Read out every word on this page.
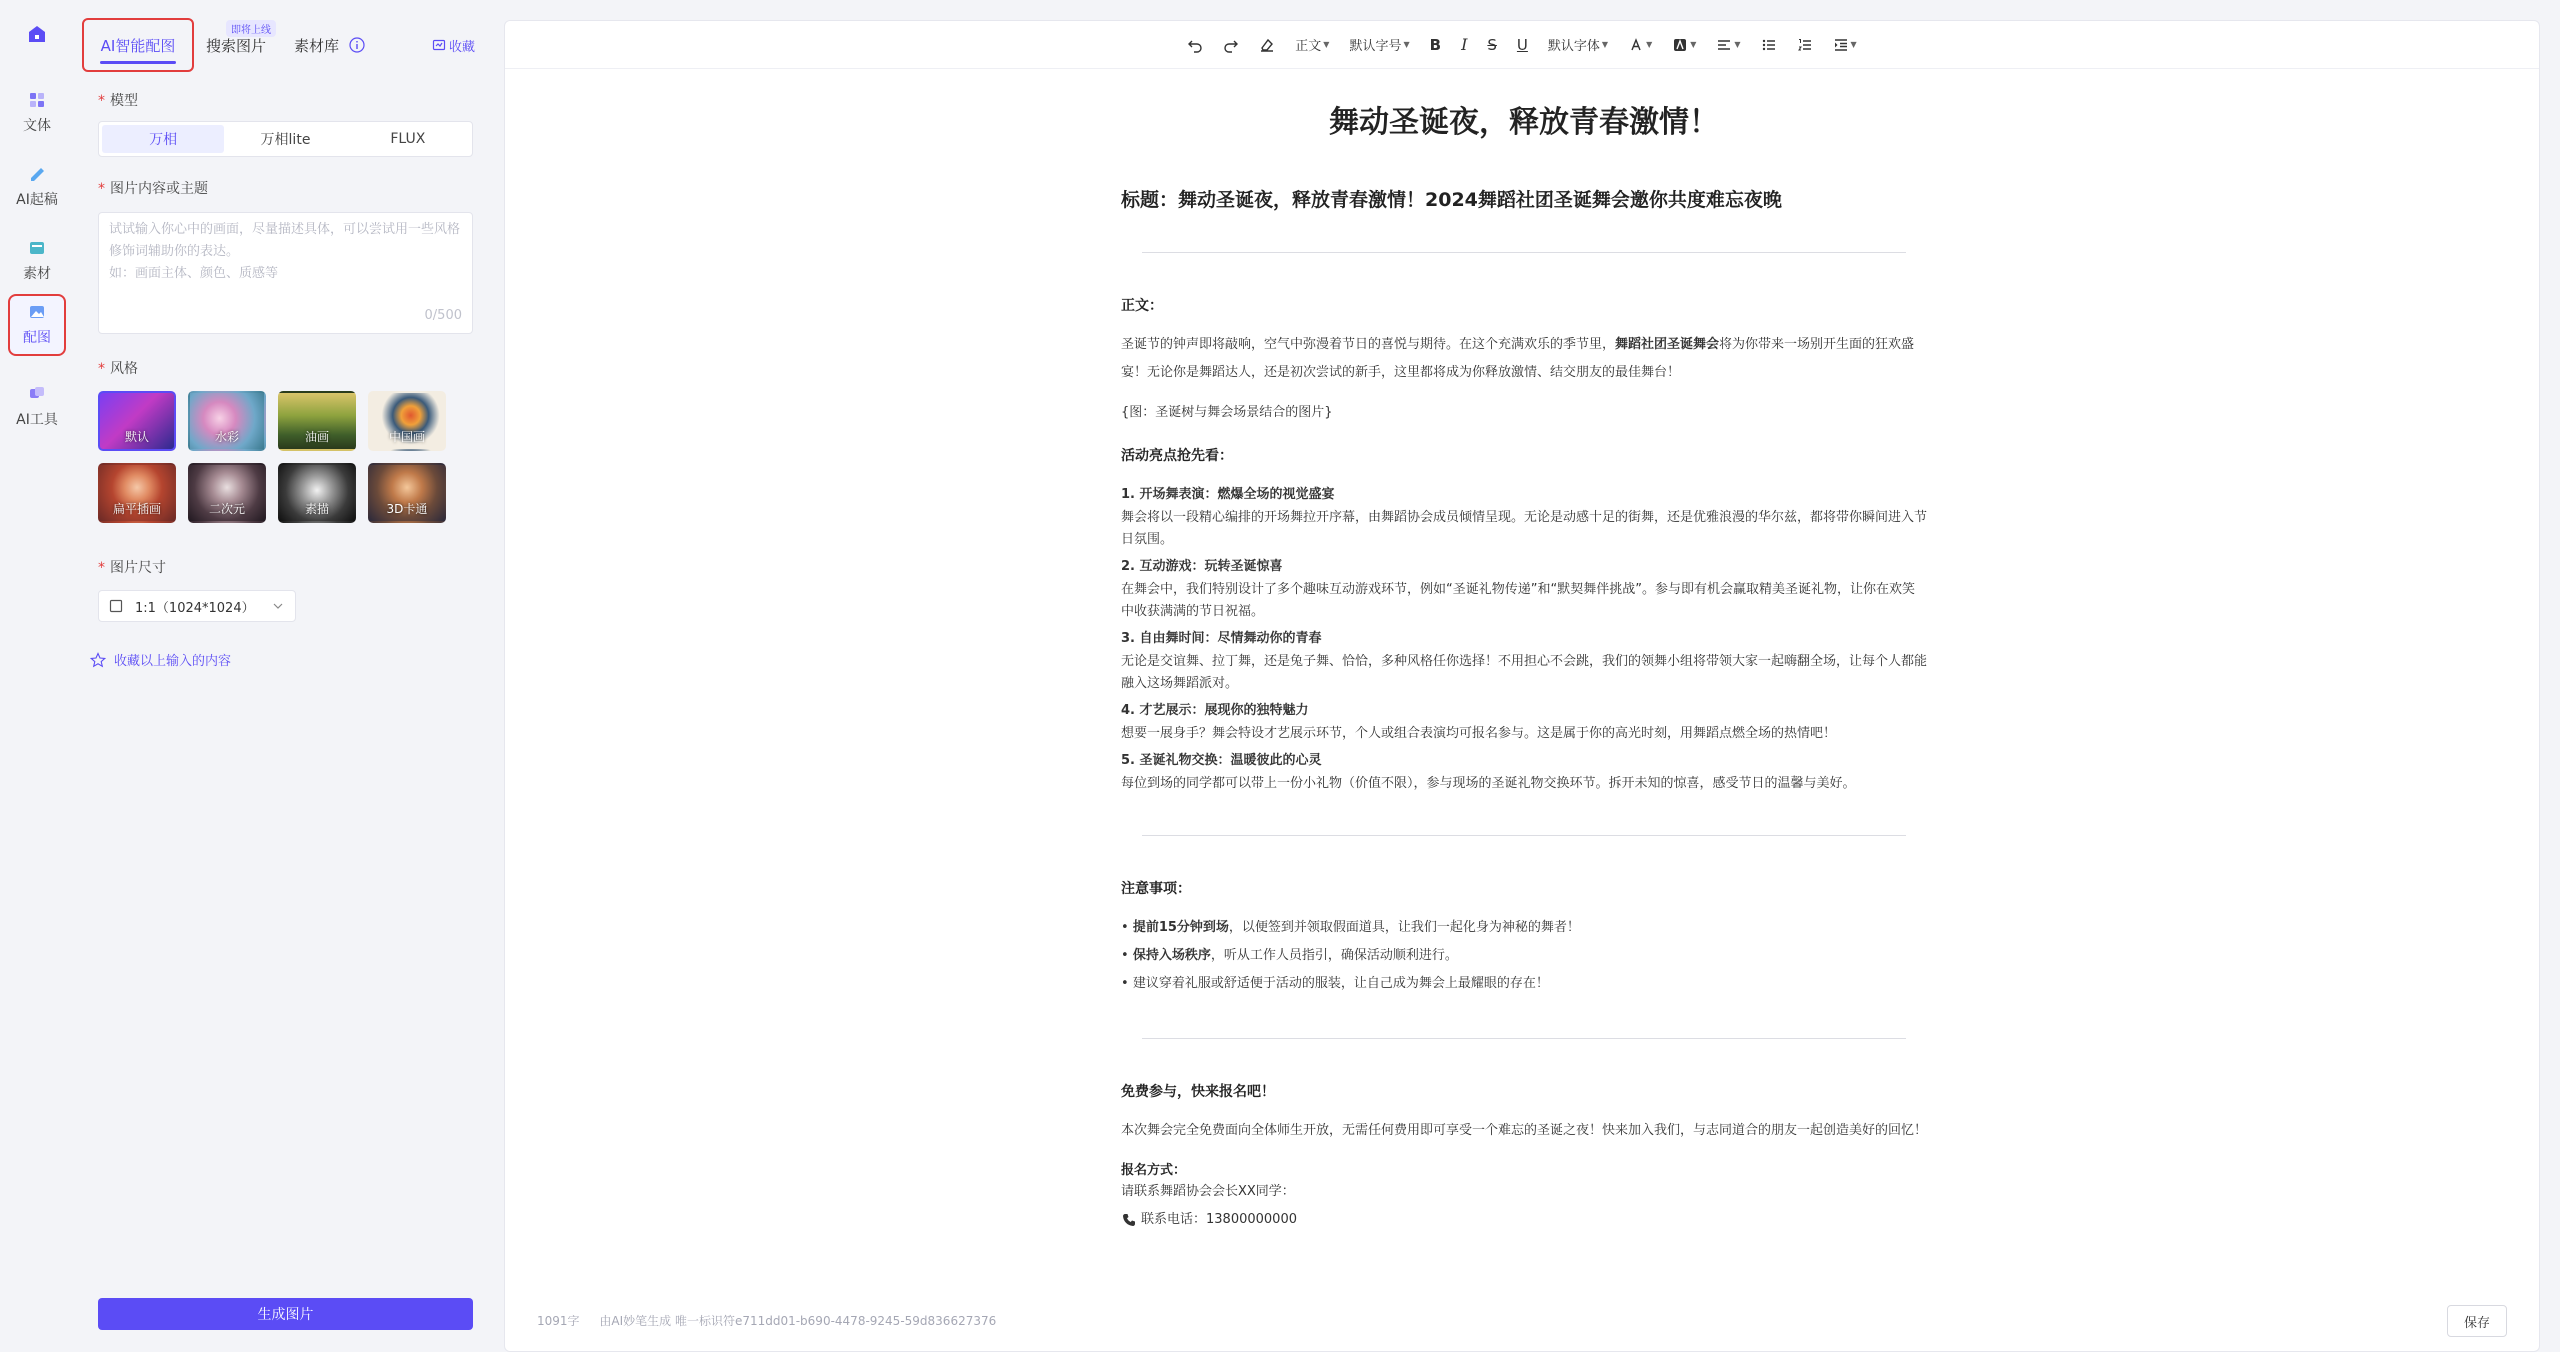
文体
AI起稿
素材
配图
AI工具
AI智能配图	搜索图片
即将上线
素材库	收藏
* 模型
万相	万相lite	FLUX
* 图片内容或主题
试试输入你心中的画面，尽量描述具体，可以尝试用一些风格修饰词辅助你的表达。 如：画面主体、颜色、质感等
0/500
* 风格
默认	水彩	油画	中国画
扁平插画	二次元	素描	3D卡通
* 图片尺寸
1:1（1024*1024）
收藏以上输入的内容
生成图片
正文 ▼ 默认字号 ▼ B I S U 默认字体 ▼	▼	▼	▼	▼
舞动圣诞夜，释放青春激情！
标题：舞动圣诞夜，释放青春激情！2024舞蹈社团圣诞舞会邀你共度难忘夜晚
正文：
圣诞节的钟声即将敲响，空气中弥漫着节日的喜悦与期待。在这个充满欢乐的季节里，舞蹈社团圣诞舞会将为你带来一场别开生面的狂欢盛宴！无论你是舞蹈达人，还是初次尝试的新手，这里都将成为你释放激情、结交朋友的最佳舞台！
{图：圣诞树与舞会场景结合的图片}
活动亮点抢先看：
1. 开场舞表演：燃爆全场的视觉盛宴
舞会将以一段精心编排的开场舞拉开序幕，由舞蹈协会成员倾情呈现。无论是动感十足的街舞，还是优雅浪漫的华尔兹，都将带你瞬间进入节日氛围。
2. 互动游戏：玩转圣诞惊喜
在舞会中，我们特别设计了多个趣味互动游戏环节，例如“圣诞礼物传递”和“默契舞伴挑战”。参与即有机会赢取精美圣诞礼物，让你在欢笑中收获满满的节日祝福。
3. 自由舞时间：尽情舞动你的青春
无论是交谊舞、拉丁舞，还是兔子舞、恰恰，多种风格任你选择！不用担心不会跳，我们的领舞小组将带领大家一起嗨翻全场，让每个人都能融入这场舞蹈派对。
4. 才艺展示：展现你的独特魅力
想要一展身手？舞会特设才艺展示环节，个人或组合表演均可报名参与。这是属于你的高光时刻，用舞蹈点燃全场的热情吧！
5. 圣诞礼物交换：温暖彼此的心灵
每位到场的同学都可以带上一份小礼物（价值不限），参与现场的圣诞礼物交换环节。拆开未知的惊喜，感受节日的温馨与美好。
注意事项：
• 提前15分钟到场，以便签到并领取假面道具，让我们一起化身为神秘的舞者！
• 保持入场秩序，听从工作人员指引，确保活动顺利进行。
• 建议穿着礼服或舒适便于活动的服装，让自己成为舞会上最耀眼的存在！
免费参与，快来报名吧！
本次舞会完全免费面向全体师生开放，无需任何费用即可享受一个难忘的圣诞之夜！快来加入我们，与志同道合的朋友一起创造美好的回忆！
报名方式：
请联系舞蹈协会会长XX同学：
联系电话：13800000000
1091字 由AI妙笔生成 唯一标识符e711dd01-b690-4478-9245-59d836627376	保存
